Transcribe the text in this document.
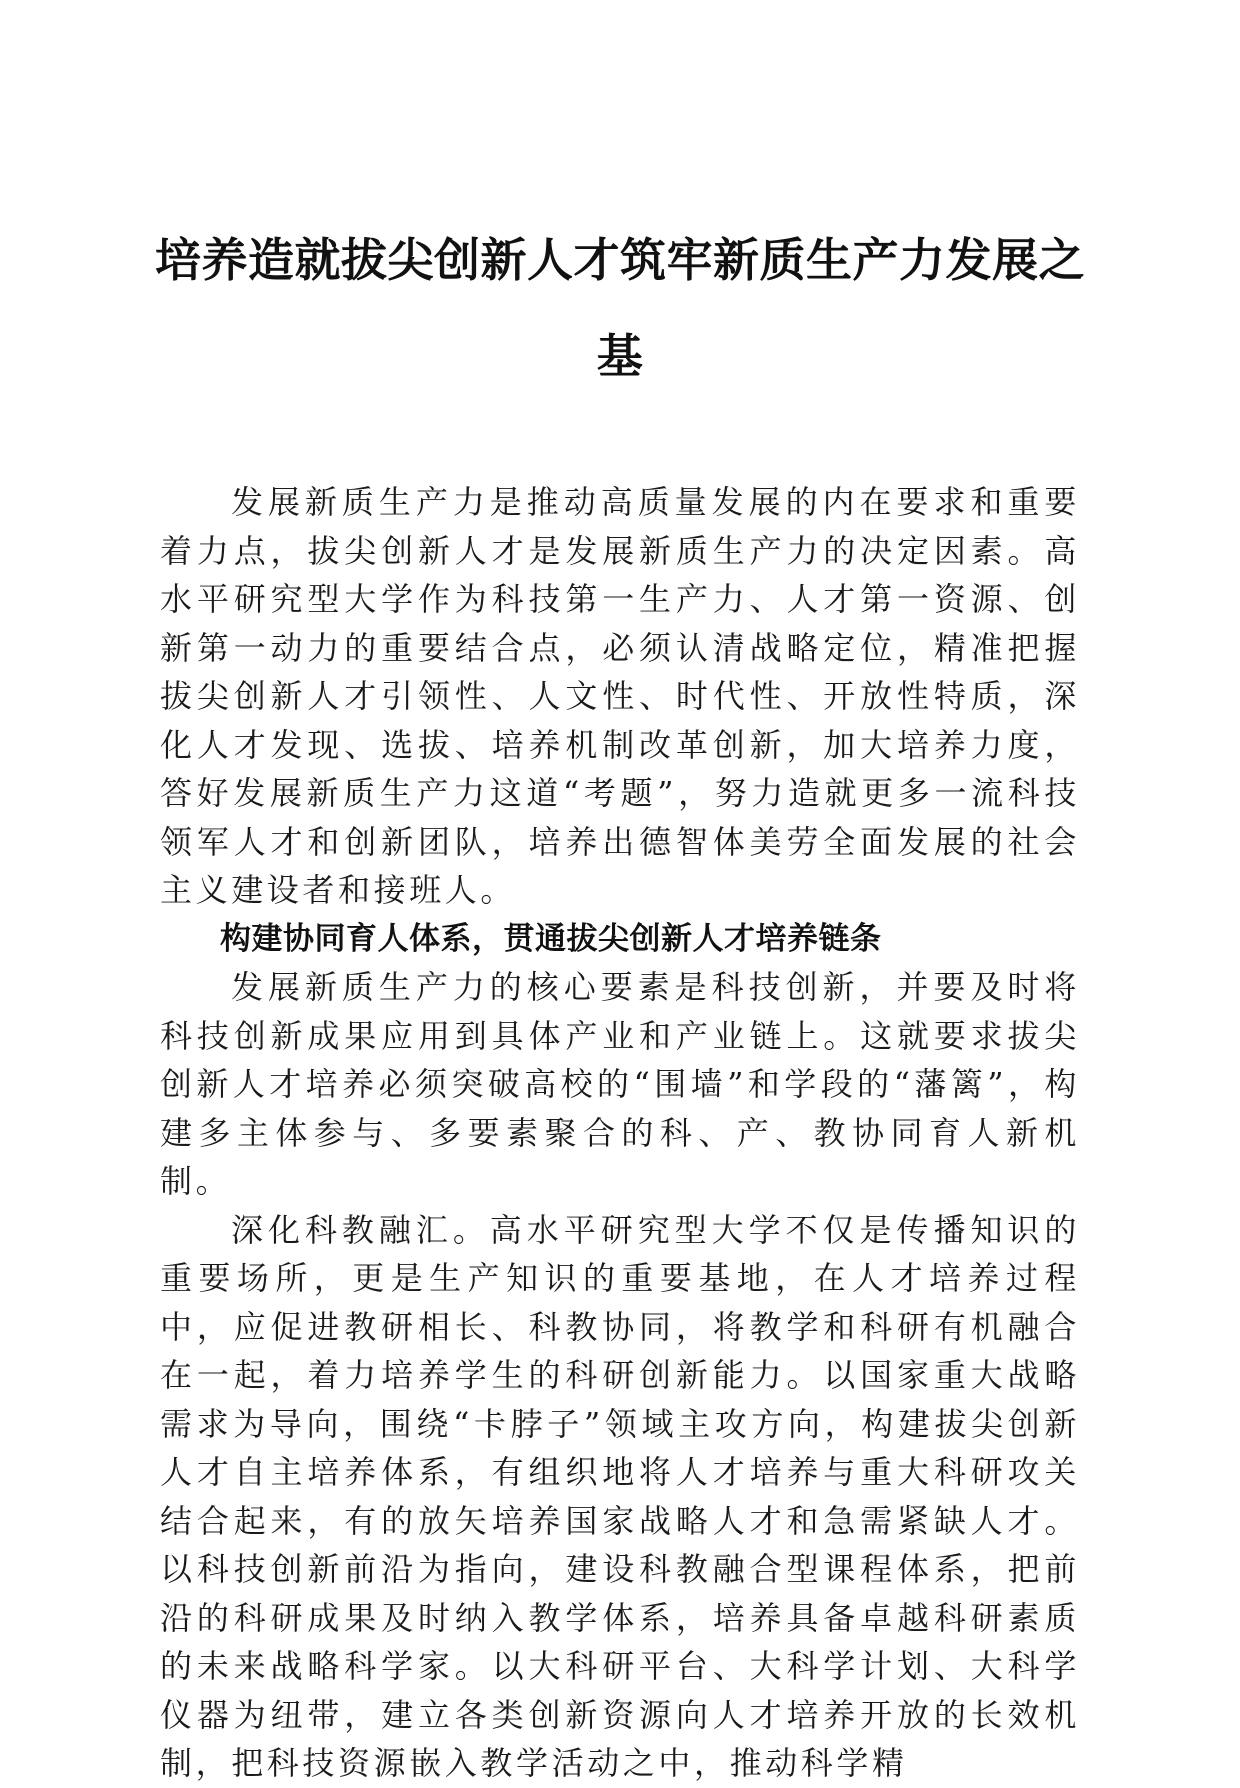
培养造就拔尖创新人才筑牢新质生产力发展之基

发展新质生产力是推动高质量发展的内在要求和重要着力点，拔尖创新人才是发展新质生产力的决定因素。高水平研究型大学作为科技第一生产力、人才第一资源、创新第一动力的重要结合点，必须认清战略定位，精准把握拔尖创新人才引领性、人文性、时代性、开放性特质，深化人才发现、选拔、培养机制改革创新，加大培养力度，答好发展新质生产力这道“考题”，努力造就更多一流科技领军人才和创新团队，培养出德智体美劳全面发展的社会主义建设者和接班人。

构建协同育人体系，贯通拔尖创新人才培养链条

发展新质生产力的核心要素是科技创新，并要及时将科技创新成果应用到具体产业和产业链上。这就要求拔尖创新人才培养必须突破高校的“围墙”和学段的“藩篱”，构建多主体参与、多要素聚合的科、产、教协同育人新机制。

深化科教融汇。高水平研究型大学不仅是传播知识的重要场所，更是生产知识的重要基地，在人才培养过程中，应促进教研相长、科教协同，将教学和科研有机融合在一起，着力培养学生的科研创新能力。以国家重大战略需求为导向，围绕“卡脖子”领域主攻方向，构建拔尖创新人才自主培养体系，有组织地将人才培养与重大科研攻关结合起来，有的放矢培养国家战略人才和急需紧缺人才。以科技创新前沿为指向，建设科教融合型课程体系，把前沿的科研成果及时纳入教学体系，培养具备卓越科研素质的未来战略科学家。以大科研平台、大科学计划、大科学仪器为纽带，建立各类创新资源向人才培养开放的长效机制，把科技资源嵌入教学活动之中，推动科学精
